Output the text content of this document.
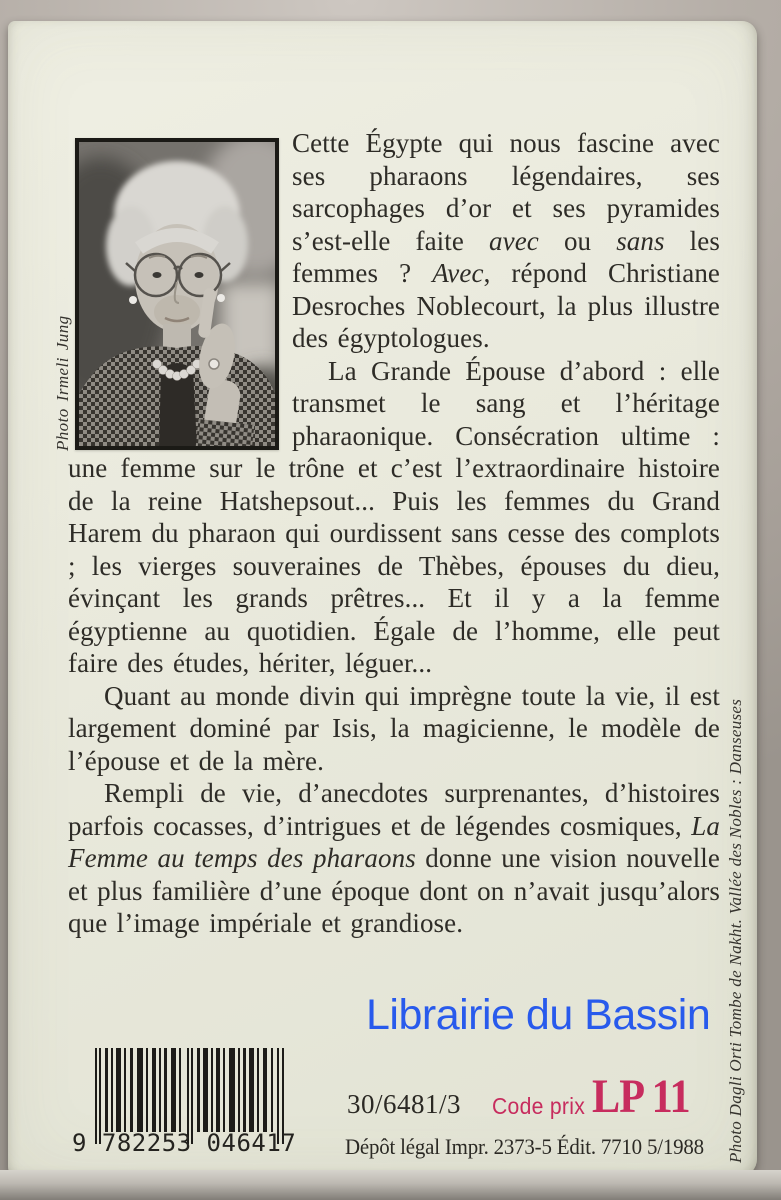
Photo Irmeli Jung

Cette Égypte qui nous fascine avec ses pharaons légendaires, ses sarcophages d’or et ses pyramides s’est-elle faite avec ou sans les femmes ? Avec, répond Christiane Desroches Noblecourt, la plus illustre des égyptologues.

La Grande Épouse d’abord : elle transmet le sang et l’héritage pharaonique. Consécration ultime : une femme sur le trône et c’est l’extraordinaire histoire de la reine Hatshepsout... Puis les femmes du Grand Harem du pharaon qui ourdissent sans cesse des complots ; les vierges souveraines de Thèbes, épouses du dieu, évinçant les grands prêtres... Et il y a la femme égyptienne au quotidien. Égale de l’homme, elle peut faire des études, hériter, léguer...

Quant au monde divin qui imprègne toute la vie, il est largement dominé par Isis, la magicienne, le modèle de l’épouse et de la mère.

Rempli de vie, d’anecdotes surprenantes, d’histoires parfois cocasses, d’intrigues et de légendes cosmiques, La Femme au temps des pharaons donne une vision nouvelle et plus familière d’une époque dont on n’avait jusqu’alors que l’image impériale et grandiose.	Photo Dagli Orti Tombe de Nakht. Vallée des Nobles : Danseuses
9 782253 046417
30/6481/3 Code prix LP 11
Dépôt légal Impr. 2373-5 Édit. 7710 5/1988
Librairie du Bassin
